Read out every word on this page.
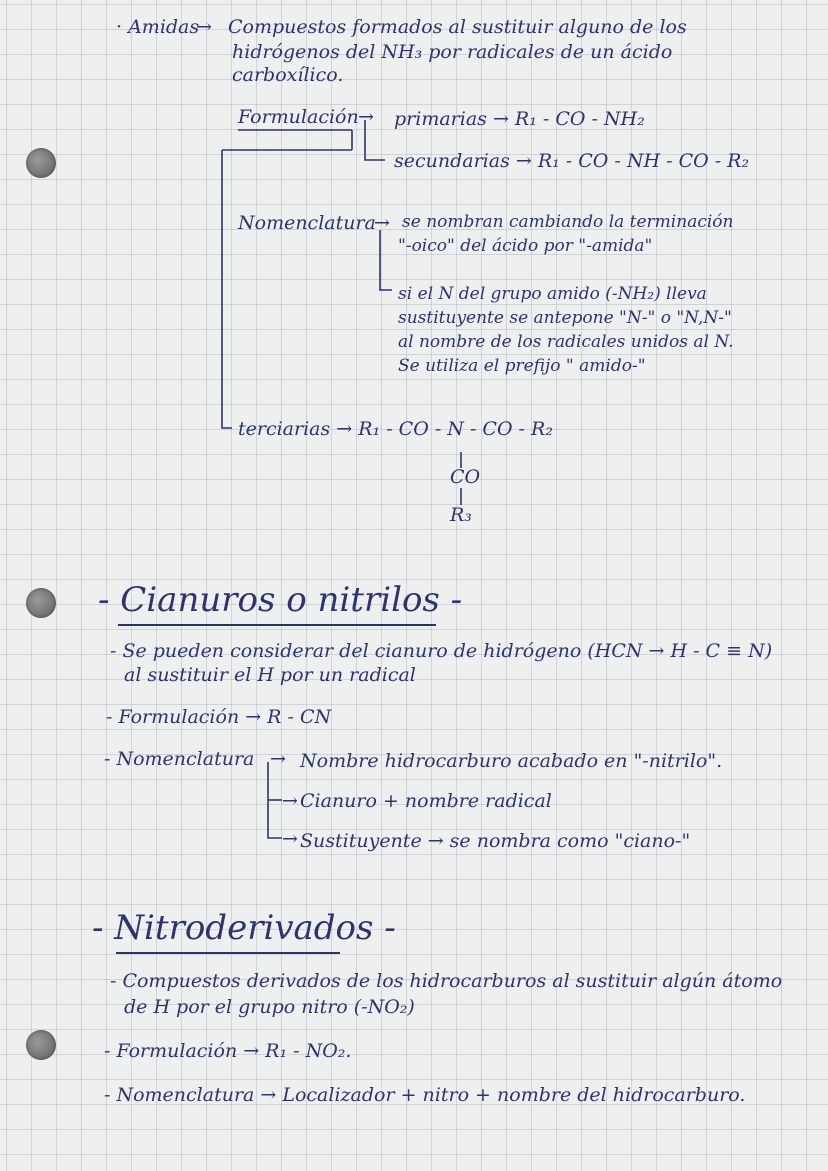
· Amidas
→ Compuestos formados al sustituir alguno de los
hidrógenos del NH₃ por radicales de un ácido
carboxílico.
Formulación → primarias → R₁ - CO - NH₂
secundarias → R₁ - CO - NH - CO - R₂
Nomenclatura
→ se nombran cambiando la terminación
"-oico" del ácido por "-amida"
si el N del grupo amido (-NH₂) lleva
sustituyente se antepone "N-" o "N,N-"
al nombre de los radicales unidos al N.
Se utiliza el prefijo " amido-"
terciarias → R₁ - CO - N - CO - R₂
CO
R₃
- Cianuros o nitrilos -
- Se pueden considerar del cianuro de hidrógeno (HCN → H - C ≡ N)
al sustituir el H por un radical
- Formulación → R - CN
- Nomenclatura → Nombre hidrocarburo acabado en "-nitrilo".
→ Cianuro + nombre radical
→ Sustituyente → se nombra como "ciano-"
- Nitroderivados -
- Compuestos derivados de los hidrocarburos al sustituir algún átomo
de H por el grupo nitro (-NO₂)
- Formulación → R₁ - NO₂.
- Nomenclatura → Localizador + nitro + nombre del hidrocarburo.
